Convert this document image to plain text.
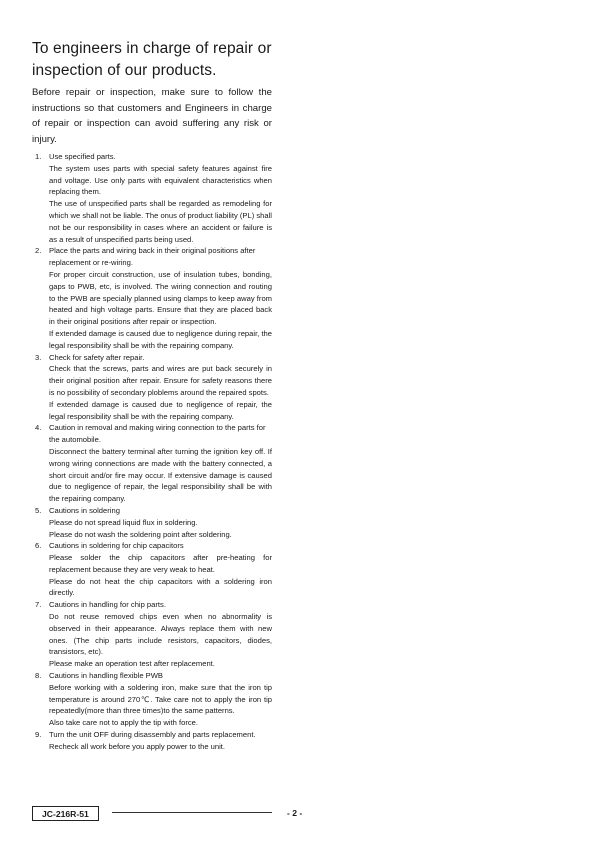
To engineers in charge of repair or inspection of our products.

Before repair or inspection, make sure to follow the instructions so that customers and Engineers in charge of repair or inspection can avoid suffering any risk or injury.

1. Use specified parts.
The system uses parts with special safety features against fire and voltage. Use only parts with equivalent characteristics when replacing them.
The use of unspecified parts shall be regarded as remodeling for which we shall not be liable. The onus of product liability (PL) shall not be our responsibility in cases where an accident or failure is as a result of unspecified parts being used.
2. Place the parts and wiring back in their original positions after replacement or re-wiring.
For proper circuit construction, use of insulation tubes, bonding, gaps to PWB, etc, is involved. The wiring connection and routing to the PWB are specially planned using clamps to keep away from heated and high voltage parts. Ensure that they are placed back in their original positions after repair or inspection.
If extended damage is caused due to negligence during repair, the legal responsibility shall be with the repairing company.
3. Check for safety after repair.
Check that the screws, parts and wires are put back securely in their original position after repair. Ensure for safety reasons there is no possibility of secondary ploblems around the repaired spots.
If extended damage is caused due to negligence of repair, the legal responsibility shall be with the repairing company.
4. Caution in removal and making wiring connection to the parts for the automobile.
Disconnect the battery terminal after turning the ignition key off. If wrong wiring connections are made with the battery connected, a short circuit and/or fire may occur. If extensive damage is caused due to negligence of repair, the legal responsibility shall be with the repairing company.
5. Cautions in soldering
Please do not spread liquid flux in soldering.
Please do not wash the soldering point after soldering.
6. Cautions in soldering for chip capacitors
Please solder the chip capacitors after pre-heating for replacement because they are very weak to heat.
Please do not heat the chip capacitors with a soldering iron directly.
7. Cautions in handling for chip parts.
Do not reuse removed chips even when no abnormality is observed in their appearance. Always replace them with new ones. (The chip parts include resistors, capacitors, diodes, transistors, etc).
Please make an operation test after replacement.
8. Cautions in handling flexible PWB
Before working with a soldering iron, make sure that the iron tip temperature is around 270℃. Take care not to apply the iron tip repeatedly(more than three times)to the same patterns.
Also take care not to apply the tip with force.
9. Turn the unit OFF during disassembly and parts replacement.
Recheck all work before you apply power to the unit.
JC-216R-51	- 2 -
